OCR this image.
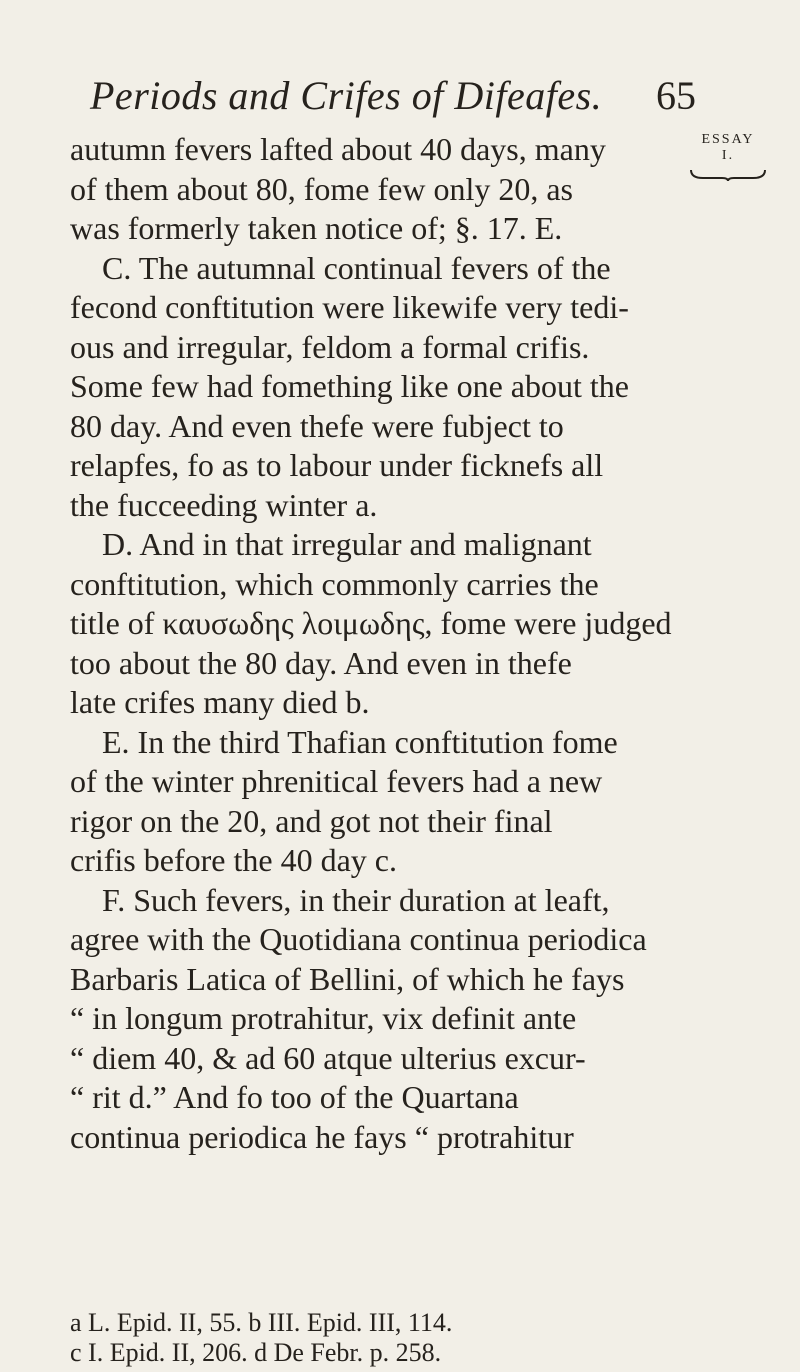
Periods and Crifes of Difeafes. 65
ESSAY
I.
autumn fevers lafted about 40 days, many
of them about 80, fome few only 20, as
was formerly taken notice of; §. 17. E.
C. The autumnal continual fevers of the
fecond conftitution were likewife very tedi-
ous and irregular, feldom a formal crifis.
Some few had fomething like one about the
80 day. And even thefe were fubject to
relapfes, fo as to labour under ficknefs all
the fucceeding winter a.
D. And in that irregular and malignant
conftitution, which commonly carries the
title of καυσωδης λοιμωδης, fome were judged
too about the 80 day. And even in thefe
late crifes many died b.
E. In the third Thafian conftitution fome
of the winter phrenitical fevers had a new
rigor on the 20, and got not their final
crifis before the 40 day c.
F. Such fevers, in their duration at leaft,
agree with the Quotidiana continua periodica
Barbaris Latica of Bellini, of which he fays
“ in longum protrahitur, vix definit ante
“ diem 40, & ad 60 atque ulterius excur-
“ rit d.” And fo too of the Quartana
continua periodica he fays “ protrahitur
a L. Epid. II, 55. b III. Epid. III, 114.
c I. Epid. II, 206. d De Febr. p. 258.
